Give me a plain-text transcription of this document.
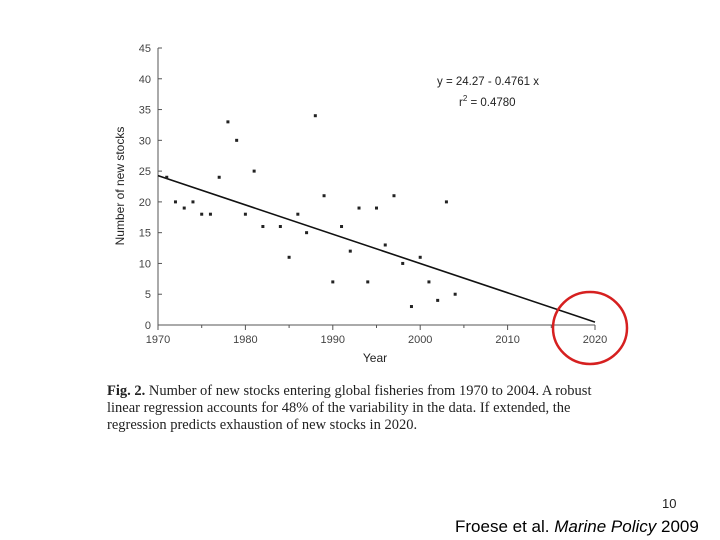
0
5
10
15
20
25
30
35
40
45
1970	1980	1990	2000	2010	2020
y = 24.27 - 0.4761 x
$r^2 = 0.4780$
Year
Number of new stocks
Fig. 2. Number of new stocks entering global fisheries from 1970 to 2004. A robust linear regression accounts for 48% of the variability in the data. If extended, the regression predicts exhaustion of new stocks in 2020.
10
Froese et al. Marine Policy 2009
